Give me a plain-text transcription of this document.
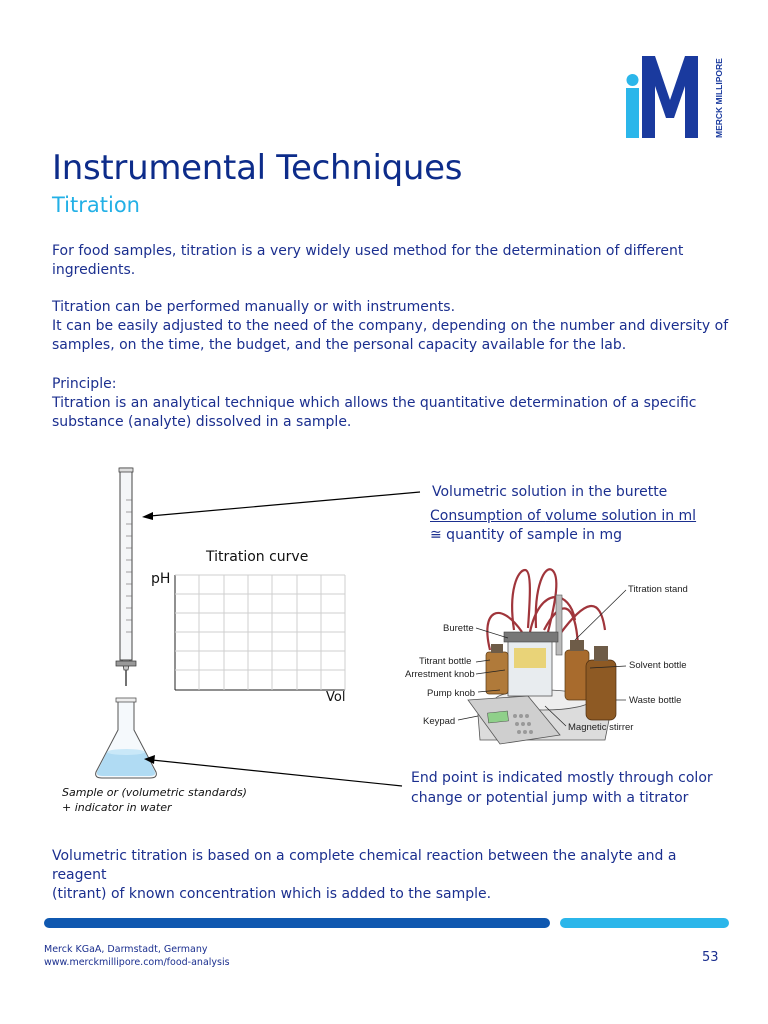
MERCK MILLIPORE
Instrumental Techniques
Titration
For food samples, titration is a very widely used method for the determination of different
ingredients.
Titration can be performed manually or with instruments.
It can be easily adjusted to the need of the company, depending on the number and diversity of
samples, on the time, the budget, and the personal capacity available for the lab.
Principle:
Titration is an analytical technique which allows the quantitative determination of a specific
substance (analyte) dissolved in a sample.
Titration stand
Burette
Titrant bottle
Arrestment knob
Pump knob
Keypad
Solvent bottle
Waste bottle
Magnetic stirrer
Titration curve
pH
Vol
Volumetric solution in the burette
Consumption of volume solution in ml
≅ quantity of sample in mg
End point is indicated mostly through color
change or potential jump with a titrator
Sample or (volumetric standards)
+ indicator in water
Volumetric titration is based on a complete chemical reaction between the analyte and a reagent
(titrant) of known concentration which is added to the sample.
Merck KGaA, Darmstadt, Germany
www.merckmillipore.com/food-analysis	53
